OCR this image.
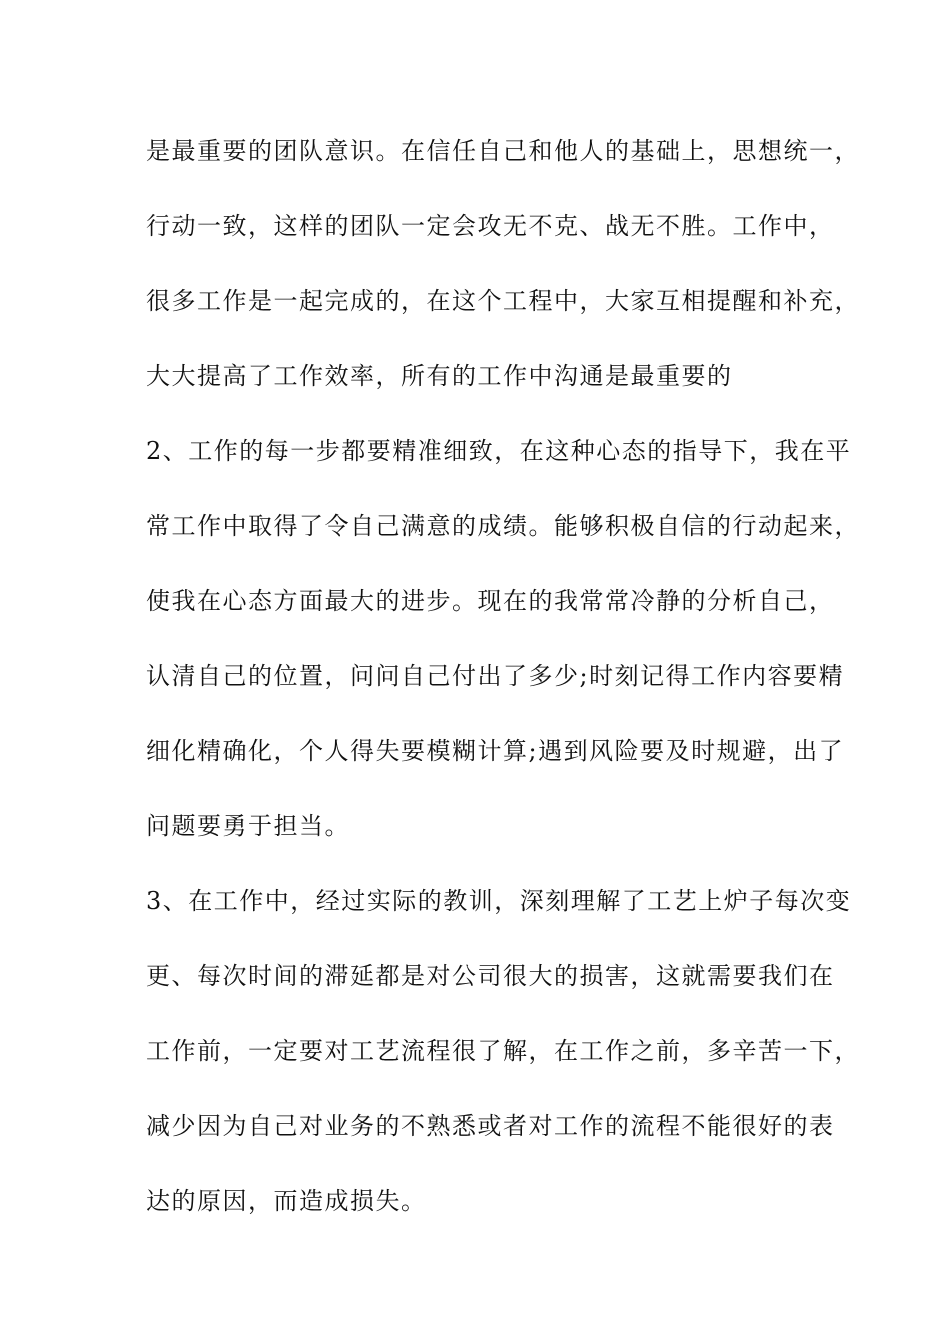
是最重要的团队意识。在信任自己和他人的基础上，思想统一，
行动一致，这样的团队一定会攻无不克、战无不胜。工作中，
很多工作是一起完成的，在这个工程中，大家互相提醒和补充，
大大提高了工作效率，所有的工作中沟通是最重要的
2、工作的每一步都要精准细致，在这种心态的指导下，我在平
常工作中取得了令自己满意的成绩。能够积极自信的行动起来，
使我在心态方面最大的进步。现在的我常常冷静的分析自己，
认清自己的位置，问问自己付出了多少;时刻记得工作内容要精
细化精确化，个人得失要模糊计算;遇到风险要及时规避，出了
问题要勇于担当。
3、在工作中，经过实际的教训，深刻理解了工艺上炉子每次变
更、每次时间的滞延都是对公司很大的损害，这就需要我们在
工作前，一定要对工艺流程很了解，在工作之前，多辛苦一下，
减少因为自己对业务的不熟悉或者对工作的流程不能很好的表
达的原因，而造成损失。
